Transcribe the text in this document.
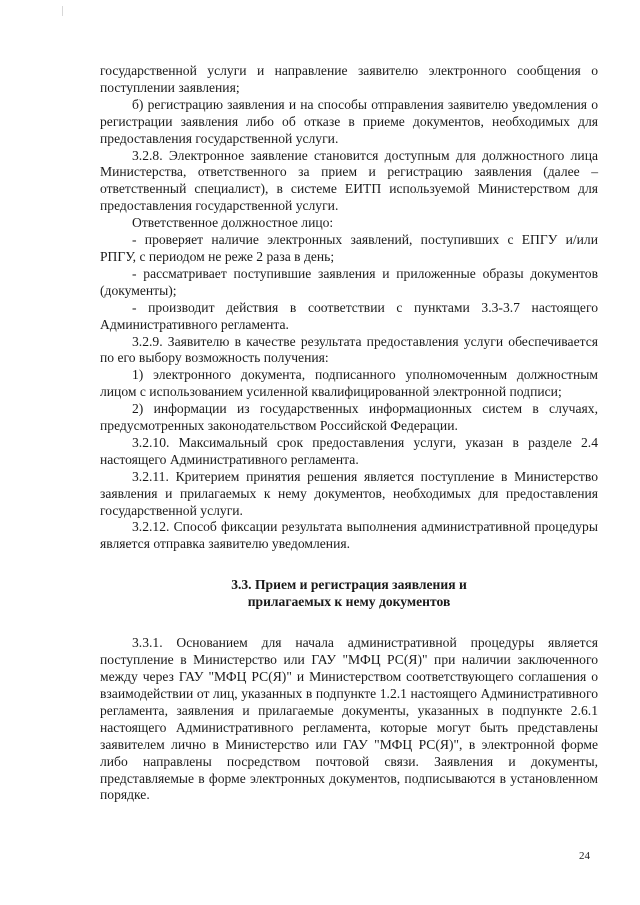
государственной услуги и направление заявителю электронного сообщения о поступлении заявления;

б) регистрацию заявления и на способы отправления заявителю уведомления о регистрации заявления либо об отказе в приеме документов, необходимых для предоставления государственной услуги.

3.2.8. Электронное заявление становится доступным для должностного лица Министерства, ответственного за прием и регистрацию заявления (далее – ответственный специалист), в системе ЕИТП используемой Министерством для предоставления государственной услуги.

Ответственное должностное лицо:

- проверяет наличие электронных заявлений, поступивших с ЕПГУ и/или РПГУ, с периодом не реже 2 раза в день;

- рассматривает поступившие заявления и приложенные образы документов (документы);

- производит действия в соответствии с пунктами 3.3-3.7 настоящего Административного регламента.

3.2.9. Заявителю в качестве результата предоставления услуги обеспечивается по его выбору возможность получения:

1) электронного документа, подписанного уполномоченным должностным лицом с использованием усиленной квалифицированной электронной подписи;

2) информации из государственных информационных систем в случаях, предусмотренных законодательством Российской Федерации.

3.2.10. Максимальный срок предоставления услуги, указан в разделе 2.4 настоящего Административного регламента.

3.2.11. Критерием принятия решения является поступление в Министерство заявления и прилагаемых к нему документов, необходимых для предоставления государственной услуги.

3.2.12. Способ фиксации результата выполнения административной процедуры является отправка заявителю уведомления.

3.3. Прием и регистрация заявления и
прилагаемых к нему документов

3.3.1. Основанием для начала административной процедуры является поступление в Министерство или ГАУ "МФЦ РС(Я)" при наличии заключенного между через ГАУ "МФЦ РС(Я)" и Министерством соответствующего соглашения о взаимодействии от лиц, указанных в подпункте 1.2.1 настоящего Административного регламента, заявления и прилагаемые документы, указанных в подпункте 2.6.1 настоящего Административного регламента, которые могут быть представлены заявителем лично в Министерство или ГАУ "МФЦ РС(Я)", в электронной форме либо направлены посредством почтовой связи. Заявления и документы, представляемые в форме электронных документов, подписываются в установленном порядке.

24
